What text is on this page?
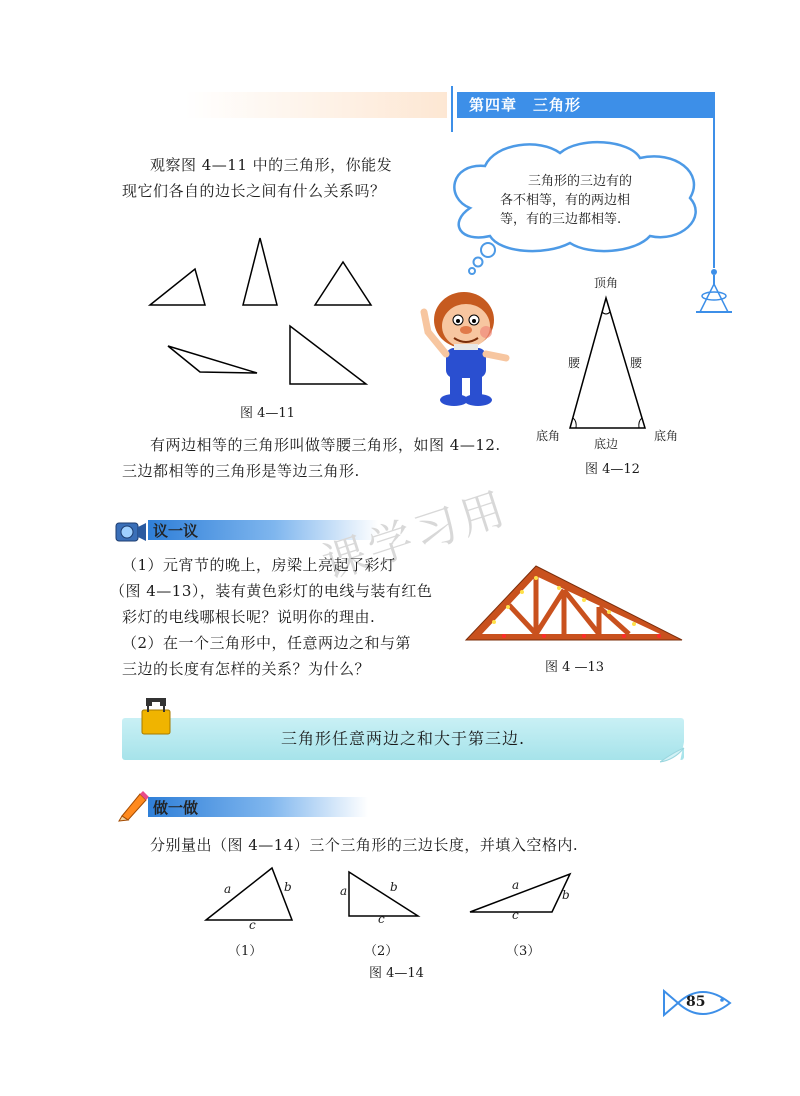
第四章　三角形
观察图 4—11 中的三角形，你能发
现它们各自的边长之间有什么关系吗？
三角形的三边有的
各不相等，有的两边相
等，有的三边都相等.
图 4—11
顶角
腰	腰
底角	底角
底边
图 4—12
有两边相等的三角形叫做等腰三角形，如图 4—12.
三边都相等的三角形是等边三角形.
议一议	课学习用
（1）元宵节的晚上，房梁上亮起了彩灯
（图 4—13），装有黄色彩灯的电线与装有红色
彩灯的电线哪根长呢？说明你的理由.
（2）在一个三角形中，任意两边之和与第
三边的长度有怎样的关系？为什么？	图 4 —13
三角形任意两边之和大于第三边.
做一做
分别量出（图 4—14）三个三角形的三边长度，并填入空格内.
a	b
c
a	b
c
a
b
c
（1）	（2）	（3）
图 4—14
85
